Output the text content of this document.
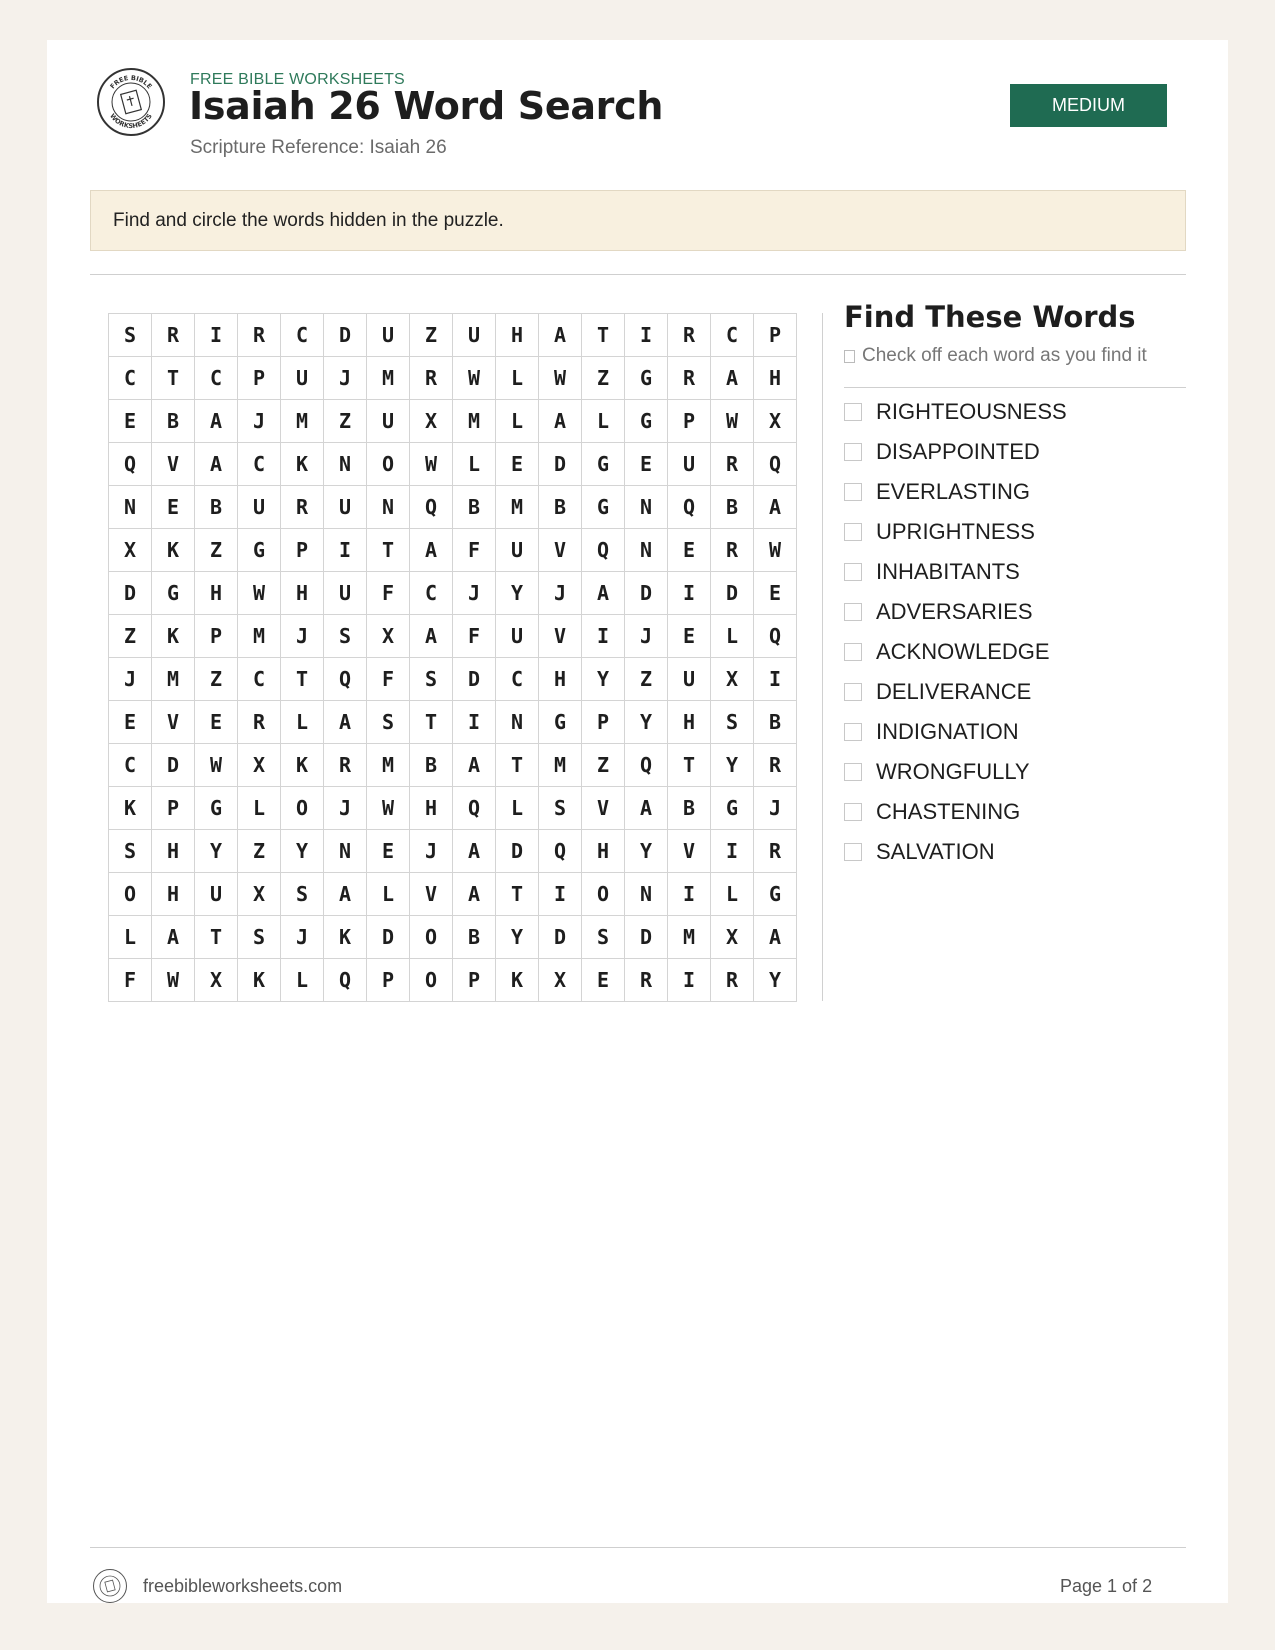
FREE BIBLE
WORKSHEETS
FREE BIBLE WORKSHEETS
Isaiah 26 Word Search
Scripture Reference: Isaiah 26
MEDIUM
Find and circle the words hidden in the puzzle.
S	R	I	R	C	D	U	Z	U	H	A	T	I	R	C	P
C	T	C	P	U	J	M	R	W	L	W	Z	G	R	A	H
E	B	A	J	M	Z	U	X	M	L	A	L	G	P	W	X
Q	V	A	C	K	N	O	W	L	E	D	G	E	U	R	Q
N	E	B	U	R	U	N	Q	B	M	B	G	N	Q	B	A
X	K	Z	G	P	I	T	A	F	U	V	Q	N	E	R	W
D	G	H	W	H	U	F	C	J	Y	J	A	D	I	D	E
Z	K	P	M	J	S	X	A	F	U	V	I	J	E	L	Q
J	M	Z	C	T	Q	F	S	D	C	H	Y	Z	U	X	I
E	V	E	R	L	A	S	T	I	N	G	P	Y	H	S	B
C	D	W	X	K	R	M	B	A	T	M	Z	Q	T	Y	R
K	P	G	L	O	J	W	H	Q	L	S	V	A	B	G	J
S	H	Y	Z	Y	N	E	J	A	D	Q	H	Y	V	I	R
O	H	U	X	S	A	L	V	A	T	I	O	N	I	L	G
L	A	T	S	J	K	D	O	B	Y	D	S	D	M	X	A
F	W	X	K	L	Q	P	O	P	K	X	E	R	I	R	Y
Find These Words
Check off each word as you find it
RIGHTEOUSNESS
DISAPPOINTED
EVERLASTING
UPRIGHTNESS
INHABITANTS
ADVERSARIES
ACKNOWLEDGE
DELIVERANCE
INDIGNATION
WRONGFULLY
CHASTENING
SALVATION
freebibleworksheets.com	Page 1 of 2
